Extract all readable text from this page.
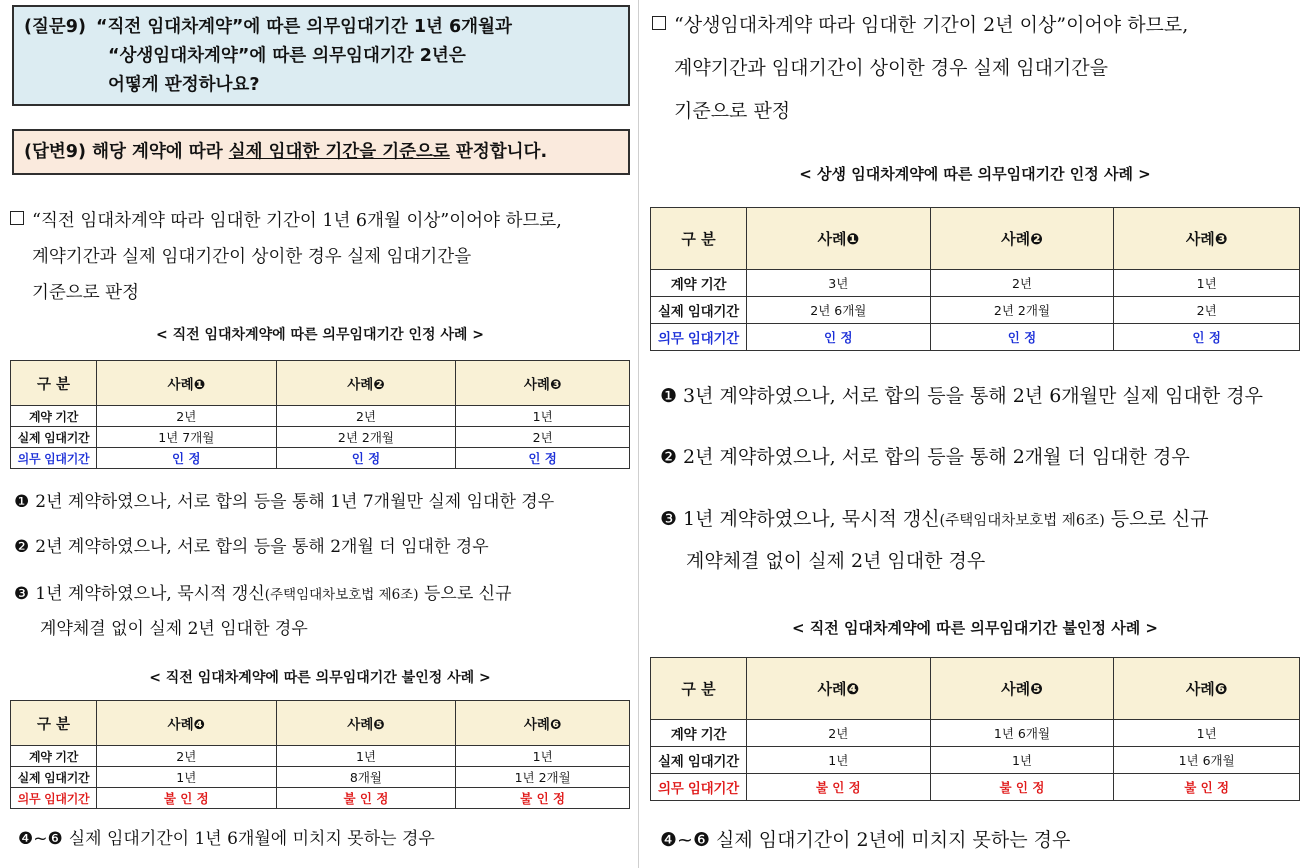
(질문9) “직전 임대차계약”에 따른 의무임대기간 1년 6개월과
“상생임대차계약”에 따른 의무임대기간 2년은
어떻게 판정하나요?
(답변9) 해당 계약에 따라 실제 임대한 기간을 기준으로 판정합니다.
“직전 임대차계약 따라 임대한 기간이 1년 6개월 이상”이어야 하므로,
계약기간과 실제 임대기간이 상이한 경우 실제 임대기간을
기준으로 판정
< 직전 임대차계약에 따른 의무임대기간 인정 사례 >
구 분	사례❶	사례❷	사례❸
계약 기간	2년	2년	1년
실제 임대기간	1년 7개월	2년 2개월	2년
의무 임대기간	인 정	인 정	인 정
❶ 2년 계약하였으나, 서로 합의 등을 통해 1년 7개월만 실제 임대한 경우
❷ 2년 계약하였으나, 서로 합의 등을 통해 2개월 더 임대한 경우
❸ 1년 계약하였으나, 묵시적 갱신(주택임대차보호법 제6조) 등으로 신규
계약체결 없이 실제 2년 임대한 경우
< 직전 임대차계약에 따른 의무임대기간 불인정 사례 >
구 분	사례❹	사례❺	사례❻
계약 기간	2년	1년	1년
실제 임대기간	1년	8개월	1년 2개월
의무 임대기간	불 인 정	불 인 정	불 인 정
❹~❻ 실제 임대기간이 1년 6개월에 미치지 못하는 경우
“상생임대차계약 따라 임대한 기간이 2년 이상”이어야 하므로,
계약기간과 임대기간이 상이한 경우 실제 임대기간을
기준으로 판정
< 상생 임대차계약에 따른 의무임대기간 인정 사례 >
구 분	사례❶	사례❷	사례❸
계약 기간	3년	2년	1년
실제 임대기간	2년 6개월	2년 2개월	2년
의무 임대기간	인 정	인 정	인 정
❶ 3년 계약하였으나, 서로 합의 등을 통해 2년 6개월만 실제 임대한 경우
❷ 2년 계약하였으나, 서로 합의 등을 통해 2개월 더 임대한 경우
❸ 1년 계약하였으나, 묵시적 갱신(주택임대차보호법 제6조) 등으로 신규
계약체결 없이 실제 2년 임대한 경우
< 직전 임대차계약에 따른 의무임대기간 불인정 사례 >
구 분	사례❹	사례❺	사례❻
계약 기간	2년	1년 6개월	1년
실제 임대기간	1년	1년	1년 6개월
의무 임대기간	불 인 정	불 인 정	불 인 정
❹~❻ 실제 임대기간이 2년에 미치지 못하는 경우
